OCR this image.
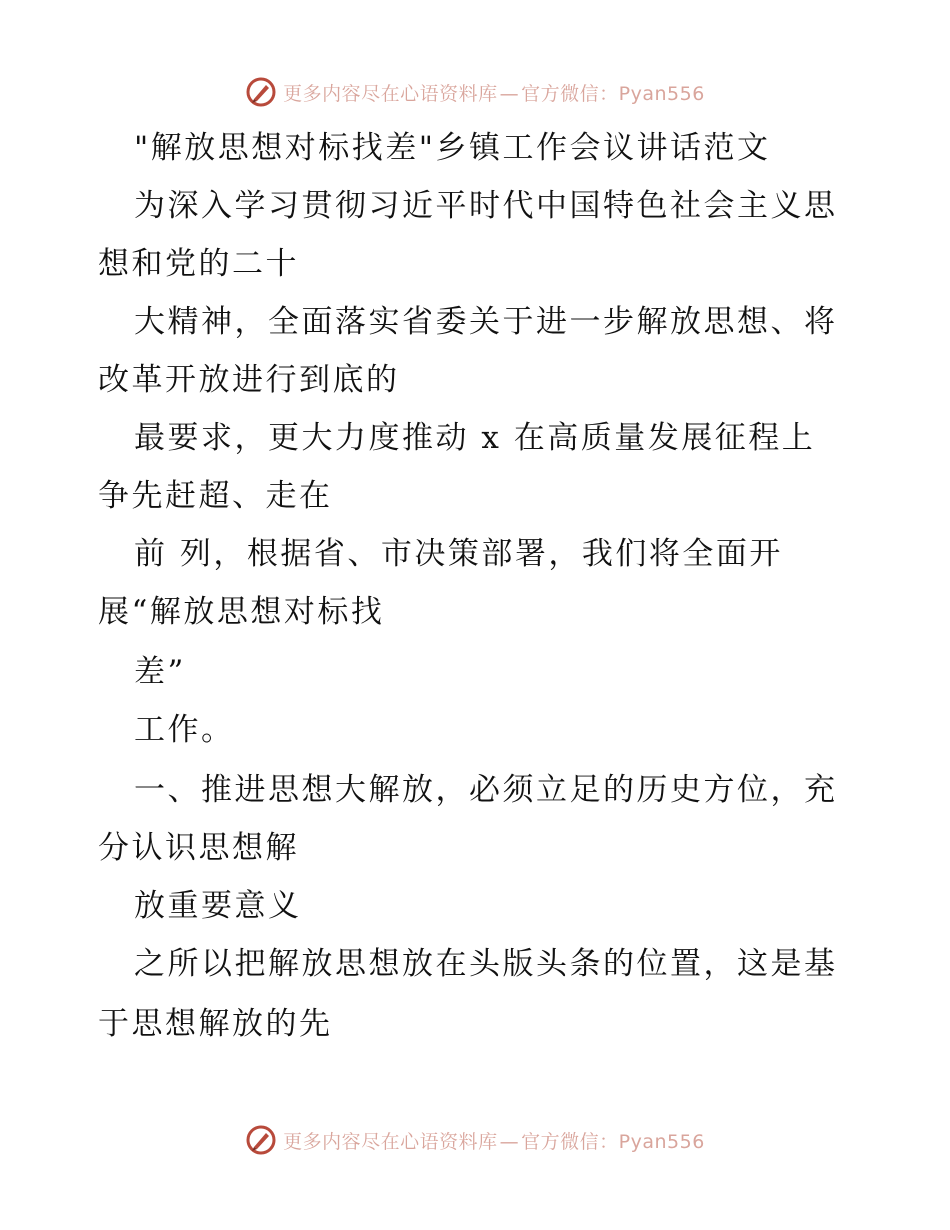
更多内容尽在心语资料库 — 官方微信：Pyan556
"解放思想对标找差"乡镇工作会议讲话范文
为深入学习贯彻习近平时代中国特色社会主义思
想和党的二十
大精神，全面落实省委关于进一步解放思想、将
改革开放进行到底的
最要求，更大力度推动 x 在高质量发展征程上
争先赶超、走在
前 列，根据省、市决策部署，我们将全面开
展“解放思想对标找
差”
工作。
一、推进思想大解放，必须立足的历史方位，充
分认识思想解
放重要意义
之所以把解放思想放在头版头条的位置，这是基
于思想解放的先
更多内容尽在心语资料库 — 官方微信：Pyan556
